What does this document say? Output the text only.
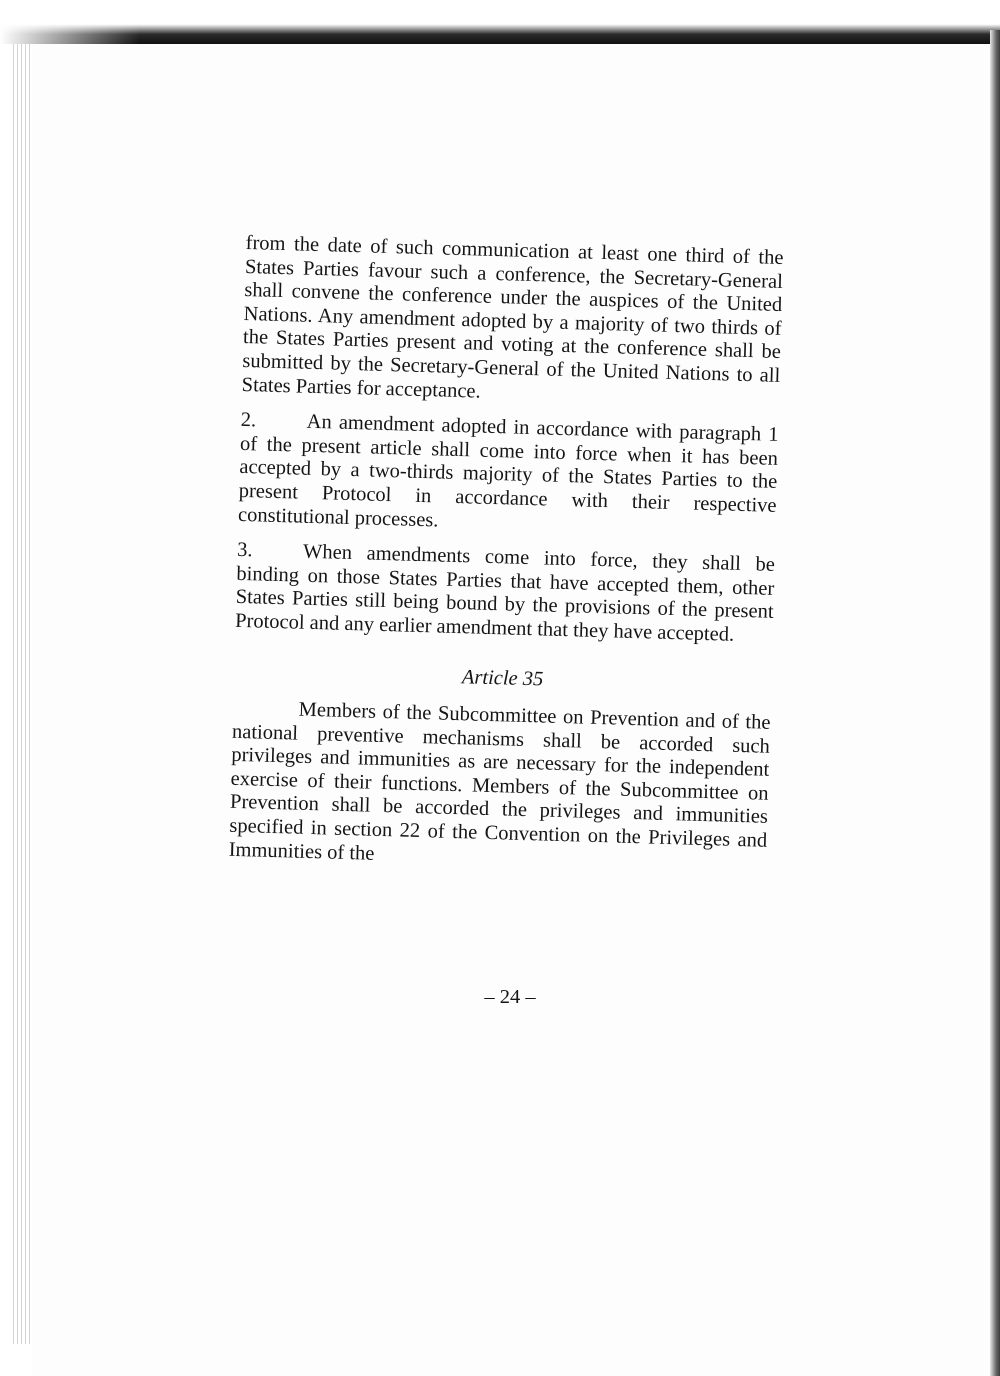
from the date of such communication at least one third of the States Parties favour such a conference, the Secretary-General shall convene the conference under the auspices of the United Nations. Any amendment adopted by a majority of two thirds of the States Parties present and voting at the conference shall be submitted by the Secretary-General of the United Nations to all States Parties for acceptance.

2. An amendment adopted in accordance with paragraph 1 of the present article shall come into force when it has been accepted by a two-thirds majority of the States Parties to the present Protocol in accordance with their respective constitutional processes.

3. When amendments come into force, they shall be binding on those States Parties that have accepted them, other States Parties still being bound by the provisions of the present Protocol and any earlier amendment that they have accepted.

Article 35

Members of the Subcommittee on Prevention and of the national preventive mechanisms shall be accorded such privileges and immunities as are necessary for the independent exercise of their functions. Members of the Subcommittee on Prevention shall be accorded the privileges and immunities specified in section 22 of the Convention on the Privileges and Immunities of the

– 24 –
